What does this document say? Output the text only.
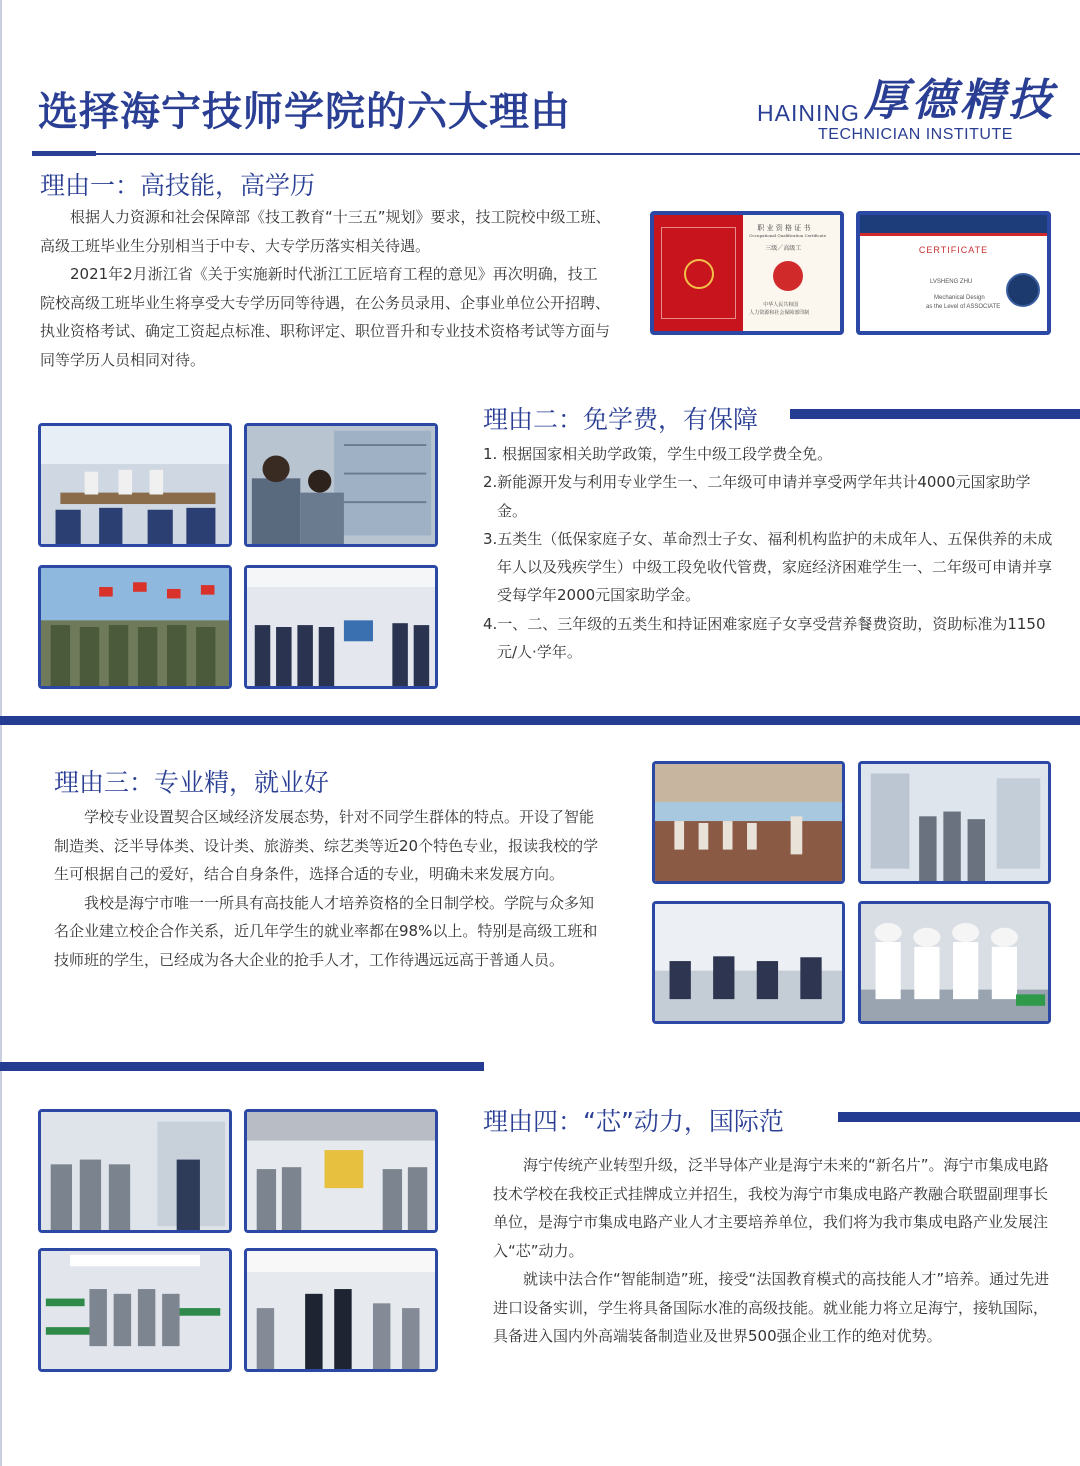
选择海宁技师学院的六大理由	HAINING 厚德精技
TECHNICIAN INSTITUTE
理由一：高技能，高学历

根据人力资源和社会保障部《技工教育“十三五”规划》要求，技工院校中级工班、高级工班毕业生分别相当于中专、大专学历落实相关待遇。

2021年2月浙江省《关于实施新时代浙江工匠培育工程的意见》再次明确，技工院校高级工班毕业生将享受大专学历同等待遇，在公务员录用、企事业单位公开招聘、执业资格考试、确定工资起点标准、职称评定、职位晋升和专业技术资格考试等方面与同等学历人员相同对待。

职 业 资 格 证 书
Occupational Qualification Certificate
三级／高级工
中华人民共和国
人力资源和社会保障部印制
CERTIFICATE
LVSHENG ZHU
Mechanical Design
as the Level of ASSOCIATE
理由二：免学费，有保障

1. 根据国家相关助学政策，学生中级工段学费全免。

2.新能源开发与利用专业学生一、二年级可申请并享受两学年共计4000元国家助学金。

3.五类生（低保家庭子女、革命烈士子女、福利机构监护的未成年人、五保供养的未成年人以及残疾学生）中级工段免收代管费，家庭经济困难学生一、二年级可申请并享受每学年2000元国家助学金。

4.一、二、三年级的五类生和持证困难家庭子女享受营养餐费资助，资助标准为1150元/人·学年。

理由三：专业精，就业好

学校专业设置契合区域经济发展态势，针对不同学生群体的特点。开设了智能制造类、泛半导体类、设计类、旅游类、综艺类等近20个特色专业，报读我校的学生可根据自己的爱好，结合自身条件，选择合适的专业，明确未来发展方向。

我校是海宁市唯一一所具有高技能人才培养资格的全日制学校。学院与众多知名企业建立校企合作关系，近几年学生的就业率都在98%以上。特别是高级工班和技师班的学生，已经成为各大企业的抢手人才，工作待遇远远高于普通人员。

理由四：“芯”动力，国际范

海宁传统产业转型升级，泛半导体产业是海宁未来的“新名片”。海宁市集成电路技术学校在我校正式挂牌成立并招生，我校为海宁市集成电路产教融合联盟副理事长单位，是海宁市集成电路产业人才主要培养单位，我们将为我市集成电路产业发展注入“芯”动力。

就读中法合作“智能制造”班，接受“法国教育模式的高技能人才”培养。通过先进进口设备实训，学生将具备国际水准的高级技能。就业能力将立足海宁，接轨国际，具备进入国内外高端装备制造业及世界500强企业工作的绝对优势。
